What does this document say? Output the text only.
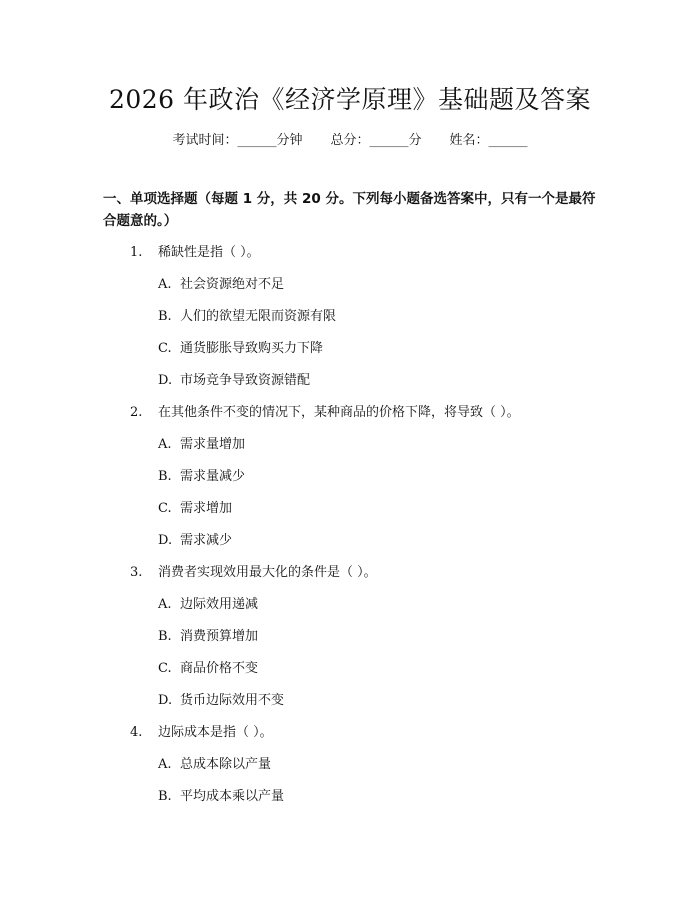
2026 年政治《经济学原理》基础题及答案
考试时间：______分钟 总分：______分 姓名：______
一、单项选择题（每题 1 分，共 20 分。下列每小题备选答案中，只有一个是最符合题意的。）
1. 稀缺性是指（ ）。
A. 社会资源绝对不足
B. 人们的欲望无限而资源有限
C. 通货膨胀导致购买力下降
D. 市场竞争导致资源错配
2. 在其他条件不变的情况下，某种商品的价格下降，将导致（ ）。
A. 需求量增加
B. 需求量减少
C. 需求增加
D. 需求减少
3. 消费者实现效用最大化的条件是（ ）。
A. 边际效用递减
B. 消费预算增加
C. 商品价格不变
D. 货币边际效用不变
4. 边际成本是指（ ）。
A. 总成本除以产量
B. 平均成本乘以产量
